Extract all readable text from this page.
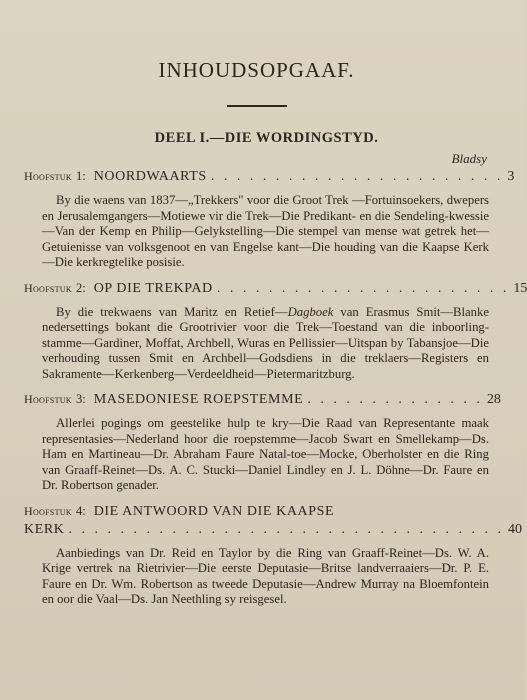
INHOUDSOPGAAF.
DEEL I.—DIE WORDINGSTYD.
Bladsy
Hoofstuk 1: NOORDWAARTS . . . . . . . . . . . . . . . . . . . . . . . 3

By die waens van 1837—„Trekkers" voor die Groot Trek —Fortuinsoekers, dwepers en Jerusalemgangers—Motiewe vir die Trek—Die Predikant- en die Sendeling-kwessie—Van der Kemp en Philip—Gelykstelling—Die stempel van mense wat getrek het—Getuienisse van volksgenoot en van Engelse kant—Die houding van die Kaapse Kerk—Die kerkregtelike posisie.

Hoofstuk 2: OP DIE TREKPAD . . . . . . . . . . . . . . . . . . . . . . . 15

By die trekwaens van Maritz en Retief—Dagboek van Erasmus Smit—Blanke nedersettings bokant die Grootrivier voor die Trek—Toestand van die inboorling-stamme—Gardiner, Moffat, Archbell, Wuras en Pellissier—Uitspan by Tabansjoe—Die verhouding tussen Smit en Archbell—Godsdiens in die treklaers—Registers en Sakramente—Kerkenberg—Verdeeldheid—Pietermaritzburg.

Hoofstuk 3: MASEDONIESE ROEPSTEMME . . . . . . . . . . . . . . 28

Allerlei pogings om geestelike hulp te kry—Die Raad van Representante maak representasies—Nederland hoor die roepstemme—Jacob Swart en Smellekamp—Ds. Ham en Martineau—Dr. Abraham Faure Natal-toe—Mocke, Oberholster en die Ring van Graaff-Reinet—Ds. A. C. Stucki—Daniel Lindley en J. L. Döhne—Dr. Faure en Dr. Robertson genader.

Hoofstuk 4: DIE ANTWOORD VAN DIE KAAPSE
KERK . . . . . . . . . . . . . . . . . . . . . . . . . . . . . . . . . . 40

Aanbiedings van Dr. Reid en Taylor by die Ring van Graaff-Reinet—Ds. W. A. Krige vertrek na Rietrivier—Die eerste Deputasie—Britse landverraaiers—Dr. P. E. Faure en Dr. Wm. Robertson as tweede Deputasie—Andrew Murray na Bloemfontein en oor die Vaal—Ds. Jan Neethling sy reisgesel.
